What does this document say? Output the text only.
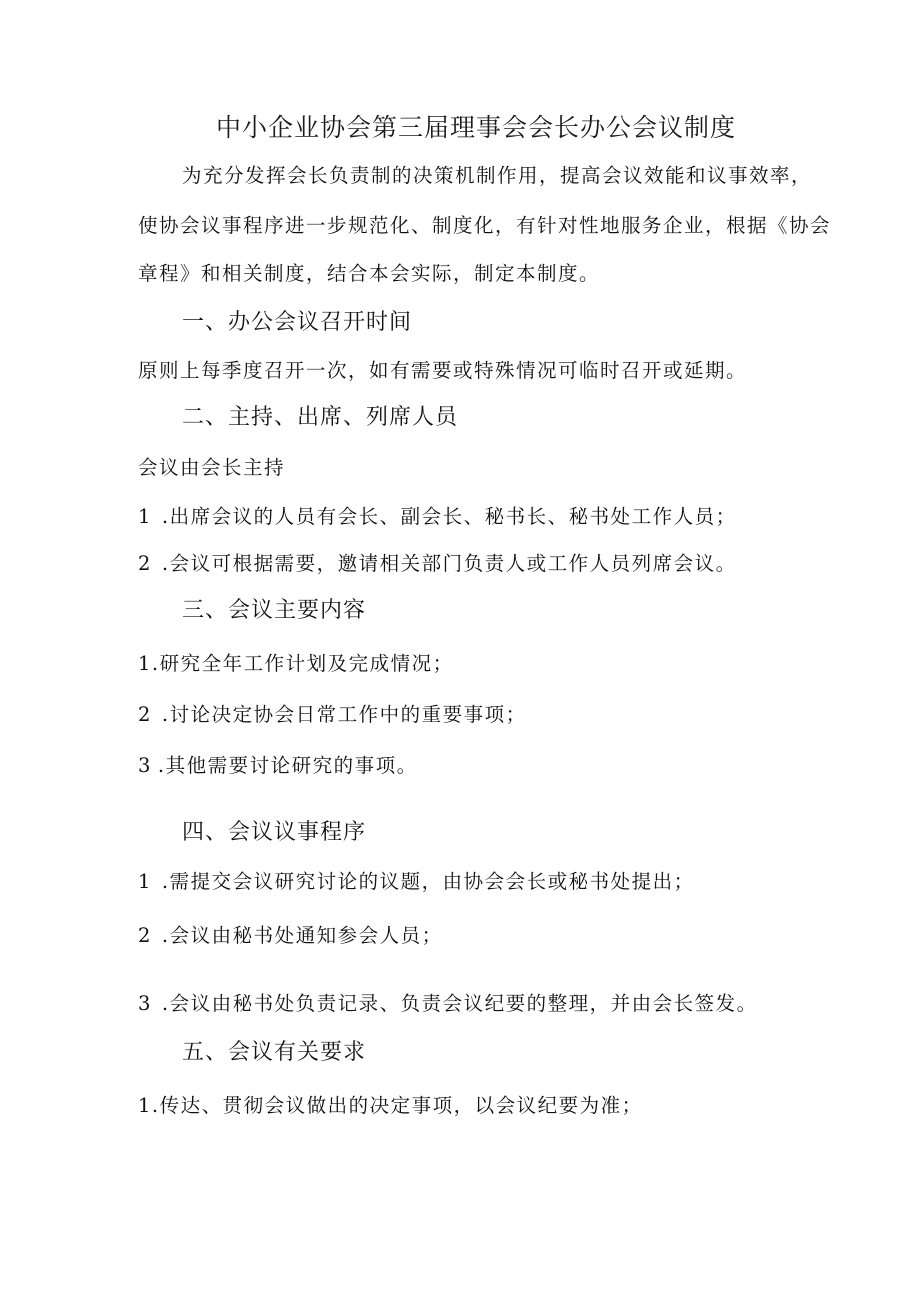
中小企业协会第三届理事会会长办公会议制度
为充分发挥会长负责制的决策机制作用，提高会议效能和议事效率，
使协会议事程序进一步规范化、制度化，有针对性地服务企业，根据《协会
章程》和相关制度，结合本会实际，制定本制度。
一、办公会议召开时间
原则上每季度召开一次，如有需要或特殊情况可临时召开或延期。
二、主持、出席、列席人员
会议由会长主持
1 .出席会议的人员有会长、副会长、秘书长、秘书处工作人员；
2 .会议可根据需要，邀请相关部门负责人或工作人员列席会议。
三、会议主要内容
1.研究全年工作计划及完成情况；
2 .讨论决定协会日常工作中的重要事项；
3 .其他需要讨论研究的事项。
四、会议议事程序
1 .需提交会议研究讨论的议题，由协会会长或秘书处提出；
2 .会议由秘书处通知参会人员；
3 .会议由秘书处负责记录、负责会议纪要的整理，并由会长签发。
五、会议有关要求
1.传达、贯彻会议做出的决定事项，以会议纪要为准；
